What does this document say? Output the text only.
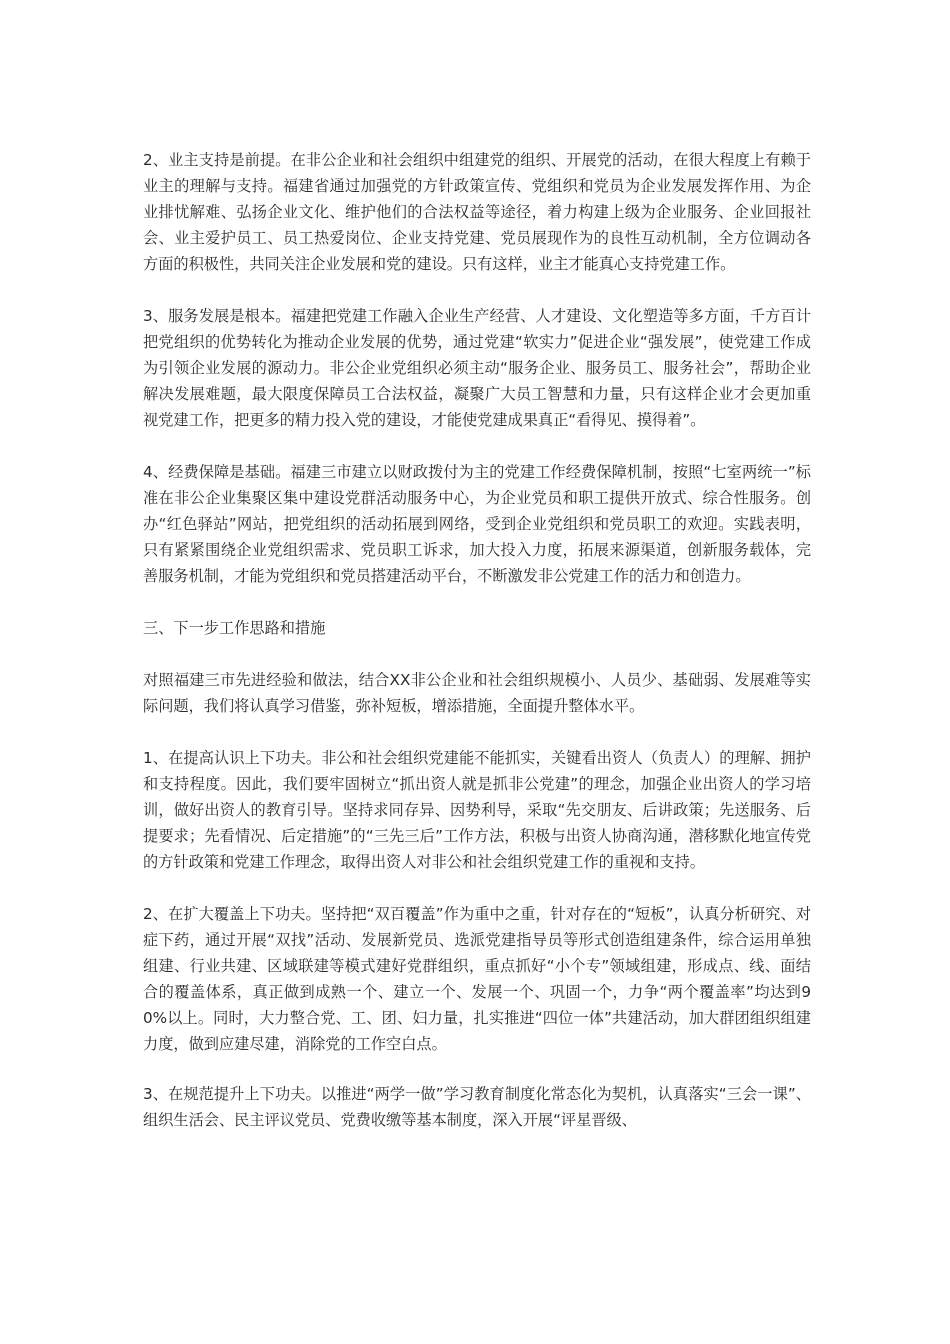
2、业主支持是前提。在非公企业和社会组织中组建党的组织、开展党的活动，在很大程度上有赖于业主的理解与支持。福建省通过加强党的方针政策宣传、党组织和党员为企业发展发挥作用、为企业排忧解难、弘扬企业文化、维护他们的合法权益等途径，着力构建上级为企业服务、企业回报社会、业主爱护员工、员工热爱岗位、企业支持党建、党员展现作为的良性互动机制，全方位调动各方面的积极性，共同关注企业发展和党的建设。只有这样，业主才能真心支持党建工作。

3、服务发展是根本。福建把党建工作融入企业生产经营、人才建设、文化塑造等多方面，千方百计把党组织的优势转化为推动企业发展的优势，通过党建“软实力”促进企业“强发展”，使党建工作成为引领企业发展的源动力。非公企业党组织必须主动“服务企业、服务员工、服务社会”，帮助企业解决发展难题，最大限度保障员工合法权益，凝聚广大员工智慧和力量，只有这样企业才会更加重视党建工作，把更多的精力投入党的建设，才能使党建成果真正“看得见、摸得着”。

4、经费保障是基础。福建三市建立以财政拨付为主的党建工作经费保障机制，按照“七室两统一”标准在非公企业集聚区集中建设党群活动服务中心，为企业党员和职工提供开放式、综合性服务。创办“红色驿站”网站，把党组织的活动拓展到网络，受到企业党组织和党员职工的欢迎。实践表明，只有紧紧围绕企业党组织需求、党员职工诉求，加大投入力度，拓展来源渠道，创新服务载体，完善服务机制，才能为党组织和党员搭建活动平台，不断激发非公党建工作的活力和创造力。

三、下一步工作思路和措施

对照福建三市先进经验和做法，结合XX非公企业和社会组织规模小、人员少、基础弱、发展难等实际问题，我们将认真学习借鉴，弥补短板，增添措施，全面提升整体水平。

1、在提高认识上下功夫。非公和社会组织党建能不能抓实，关键看出资人（负责人）的理解、拥护和支持程度。因此，我们要牢固树立“抓出资人就是抓非公党建”的理念，加强企业出资人的学习培训，做好出资人的教育引导。坚持求同存异、因势利导，采取“先交朋友、后讲政策；先送服务、后提要求；先看情况、后定措施”的“三先三后”工作方法，积极与出资人协商沟通，潜移默化地宣传党的方针政策和党建工作理念，取得出资人对非公和社会组织党建工作的重视和支持。

2、在扩大覆盖上下功夫。坚持把“双百覆盖”作为重中之重，针对存在的“短板”，认真分析研究、对症下药，通过开展“双找”活动、发展新党员、选派党建指导员等形式创造组建条件，综合运用单独组建、行业共建、区域联建等模式建好党群组织，重点抓好“小个专”领域组建，形成点、线、面结合的覆盖体系，真正做到成熟一个、建立一个、发展一个、巩固一个，力争“两个覆盖率”均达到90%以上。同时，大力整合党、工、团、妇力量，扎实推进“四位一体”共建活动，加大群团组织组建力度，做到应建尽建，消除党的工作空白点。

3、在规范提升上下功夫。以推进“两学一做”学习教育制度化常态化为契机，认真落实“三会一课”、组织生活会、民主评议党员、党费收缴等基本制度，深入开展“评星晋级、
